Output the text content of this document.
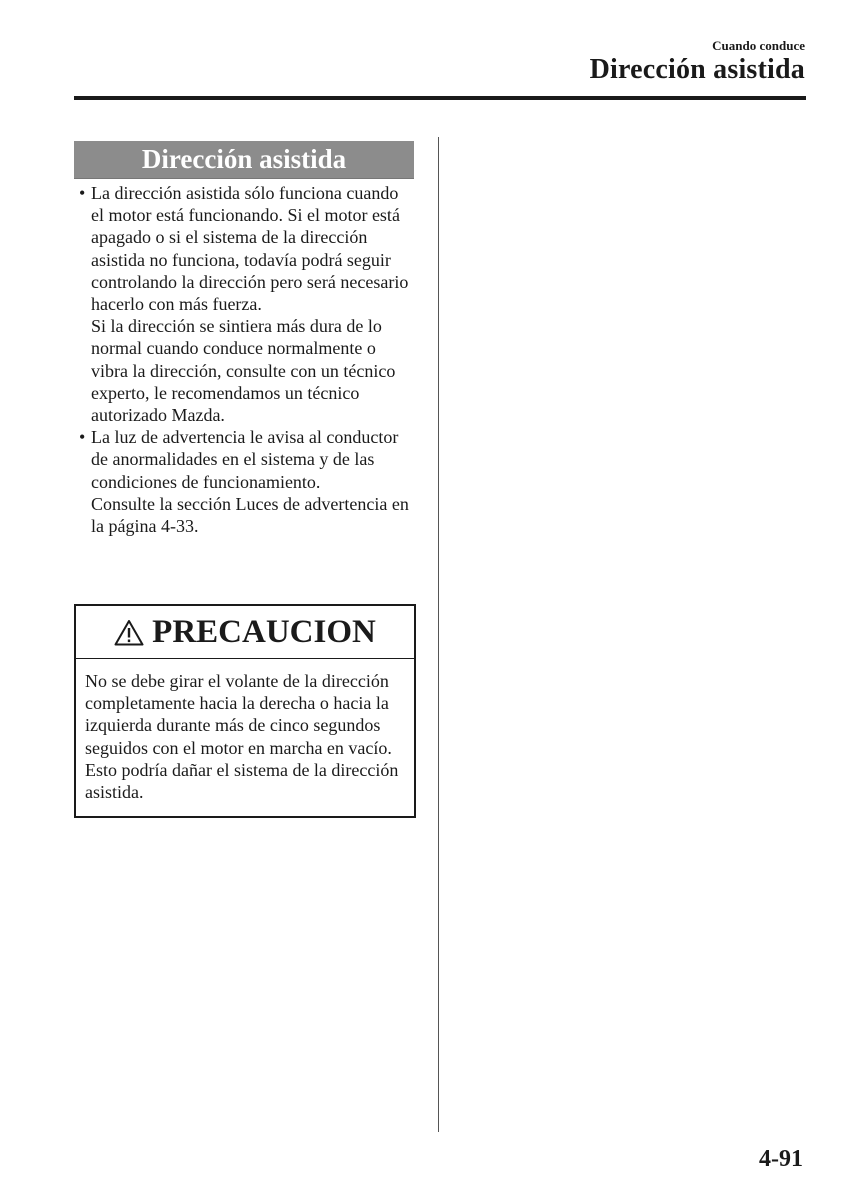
Cuando conduce
Dirección asistida
Dirección asistida
• La dirección asistida sólo funciona cuando el motor está funcionando. Si el motor está apagado o si el sistema de la dirección asistida no funciona, todavía podrá seguir controlando la dirección pero será necesario hacerlo con más fuerza.

Si la dirección se sintiera más dura de lo normal cuando conduce normalmente o vibra la dirección, consulte con un técnico experto, le recomendamos un técnico autorizado Mazda.

• La luz de advertencia le avisa al conductor de anormalidades en el sistema y de las condiciones de funcionamiento.

Consulte la sección Luces de advertencia en la página 4-33.

PRECAUCION
No se debe girar el volante de la dirección completamente hacia la derecha o hacia la izquierda durante más de cinco segundos seguidos con el motor en marcha en vacío. Esto podría dañar el sistema de la dirección asistida.
4-91
